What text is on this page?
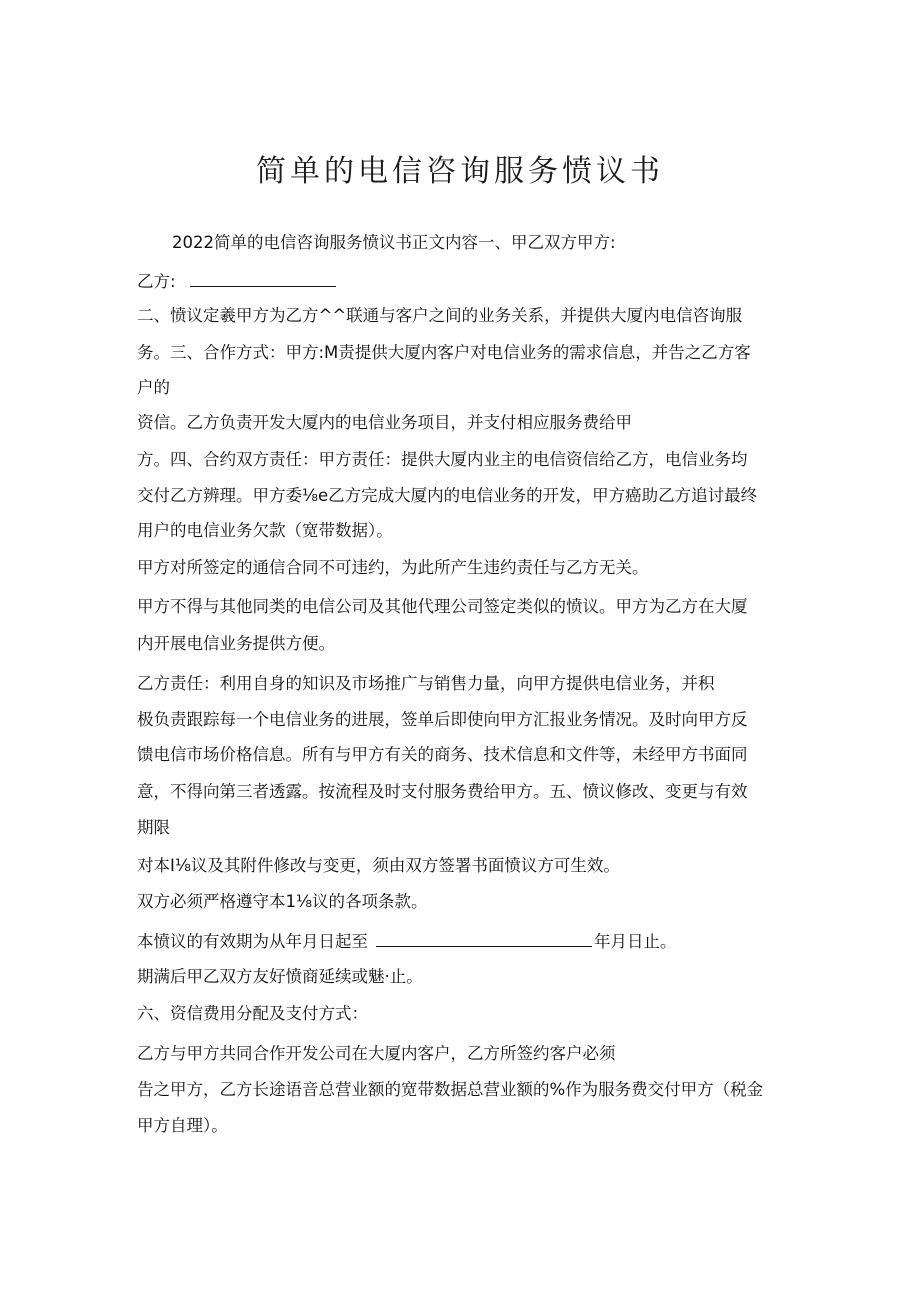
简单的电信咨询服务愤议书

2022简单的电信咨询服务愤议书正文内容一、甲乙双方甲方:

乙方:

二、愤议定羲甲方为乙方^^联通与客户之间的业务关系，并提供大厦内电信咨询服

务。三、合作方式：甲方:M责提供大厦内客户对电信业务的需求信息，并告之乙方客

户的

资信。乙方负责开发大厦内的电信业务项目，并支付相应服务费给甲

方。四、合约双方责任：甲方责任：提供大厦内业主的电信资信给乙方，电信业务均

交付乙方辨理。甲方委⅛e乙方完成大厦内的电信业务的开发，甲方癌助乙方追讨最终

用户的电信业务欠款（宽带数据）。

甲方对所签定的通信合同不可违约，为此所产生违约责任与乙方无关。

甲方不得与其他同类的电信公司及其他代理公司签定类似的愤议。甲方为乙方在大厦

内开展电信业务提供方便。

乙方责任：利用自身的知识及市场推广与销售力量，向甲方提供电信业务，并积

极负责跟踪每一个电信业务的进展，签单后即使向甲方汇报业务情况。及时向甲方反

馈电信市场价格信息。所有与甲方有关的商务、技术信息和文件等，未经甲方书面同

意，不得向第三者透露。按流程及时支付服务费给甲方。五、愤议修改、变更与有效

期限

对本I⅛议及其附件修改与变更，须由双方签署书面愤议方可生效。

双方必须严格遵守本1⅛议的各项条款。

本愤议的有效期为从年月日起至	年月日止。

期满后甲乙双方友好愤商延续或魅·止。

六、资信费用分配及支付方式：

乙方与甲方共同合作开发公司在大厦内客户，乙方所签约客户必须

告之甲方，乙方长途语音总营业额的宽带数据总营业额的%作为服务费交付甲方（税金

甲方自理）。
